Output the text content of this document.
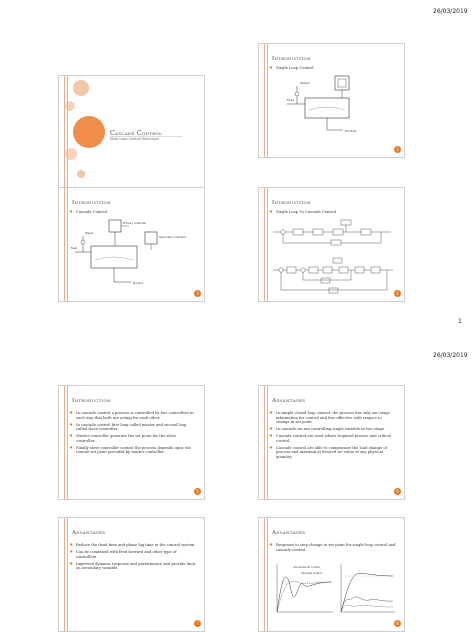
26/03/2019
Cascade Control
Multi Loop Control Technique
Introduction
■ Single Loop Control
Steam
Feed
Product
2
Introduction
■ Cascade Control
Primary controller
Secondary controller
Steam
Feed
Product
3
Introduction
■ Single Loop Vs Cascade Control
4
1
26/03/2019
Introduction
■ In cascade control a process is controlled by two controllers in such way that both are acting for each other.
■ In cascade control first loop called master and second loop called slave controller.
■ Master controller generate the set point for the slave controller.
■ Finally slave controller control the process depends upon the remote set point provided by master controller.
5
Advantages
■ In simple closed loop control, the process has only one stage information for control and less effective with respect to change in set point.
■ In cascade we are controlling single variable in two stage.
■ Cascade control are used where required precise and critical control.
■ Cascade control are able to compensate the load change of process and maintain at desired set value of any physical quantity.
6
Advantages
■ Reduce the dead time and phase lag time in the control system.
■ Can be combined with feed forward and other type of controllers.
■ Improved dynamic response and performance and provide limit on secondary variable.
7
Advantages
■ Response to step change in set point for single-loop control and cascade control.
Conventional control
Cascade control
8
